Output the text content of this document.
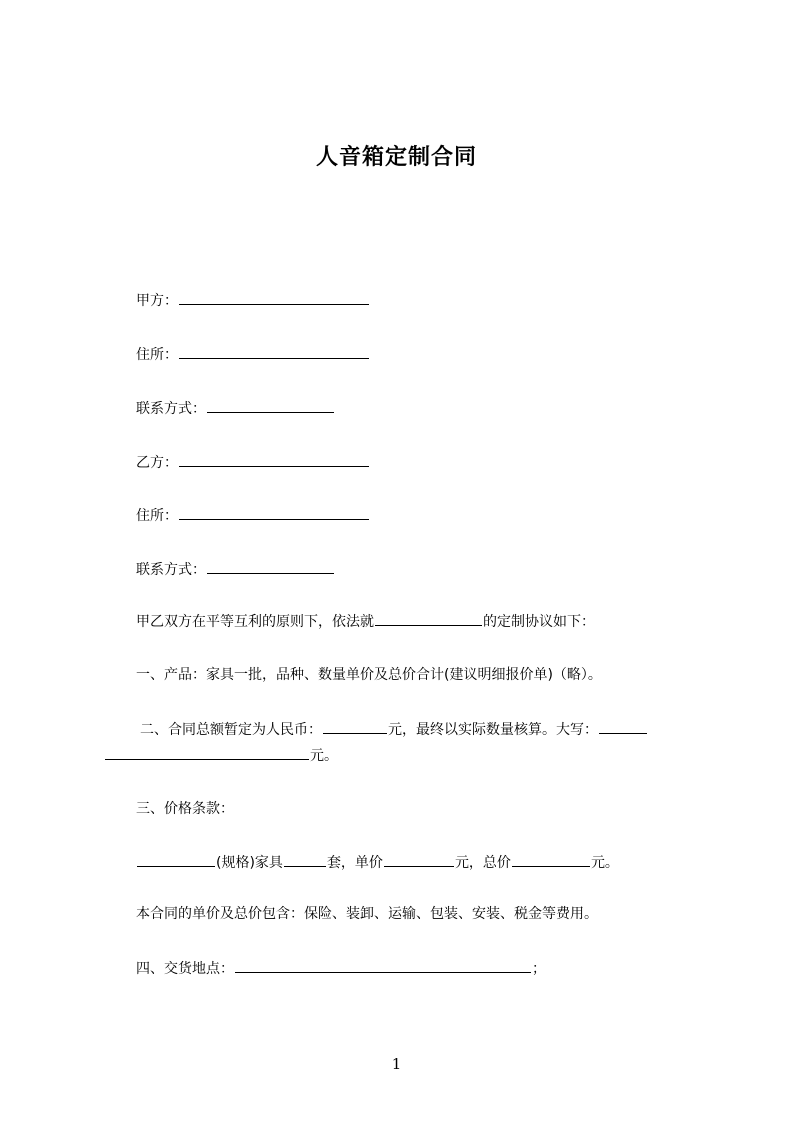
人音箱定制合同
甲方：
住所：
联系方式：
乙方：
住所：
联系方式：
甲乙双方在平等互利的原则下，依法就	的定制协议如下：
一、产品：家具一批，品种、数量单价及总价合计(建议明细报价单)（略）。
二、合同总额暂定为人民币：	元，最终以实际数量核算。大写：
元。
三、价格条款：
(规格)家具	套，单价	元，总价	元。
本合同的单价及总价包含：保险、装卸、运输、包装、安装、税金等费用。
四、交货地点：	；
1
